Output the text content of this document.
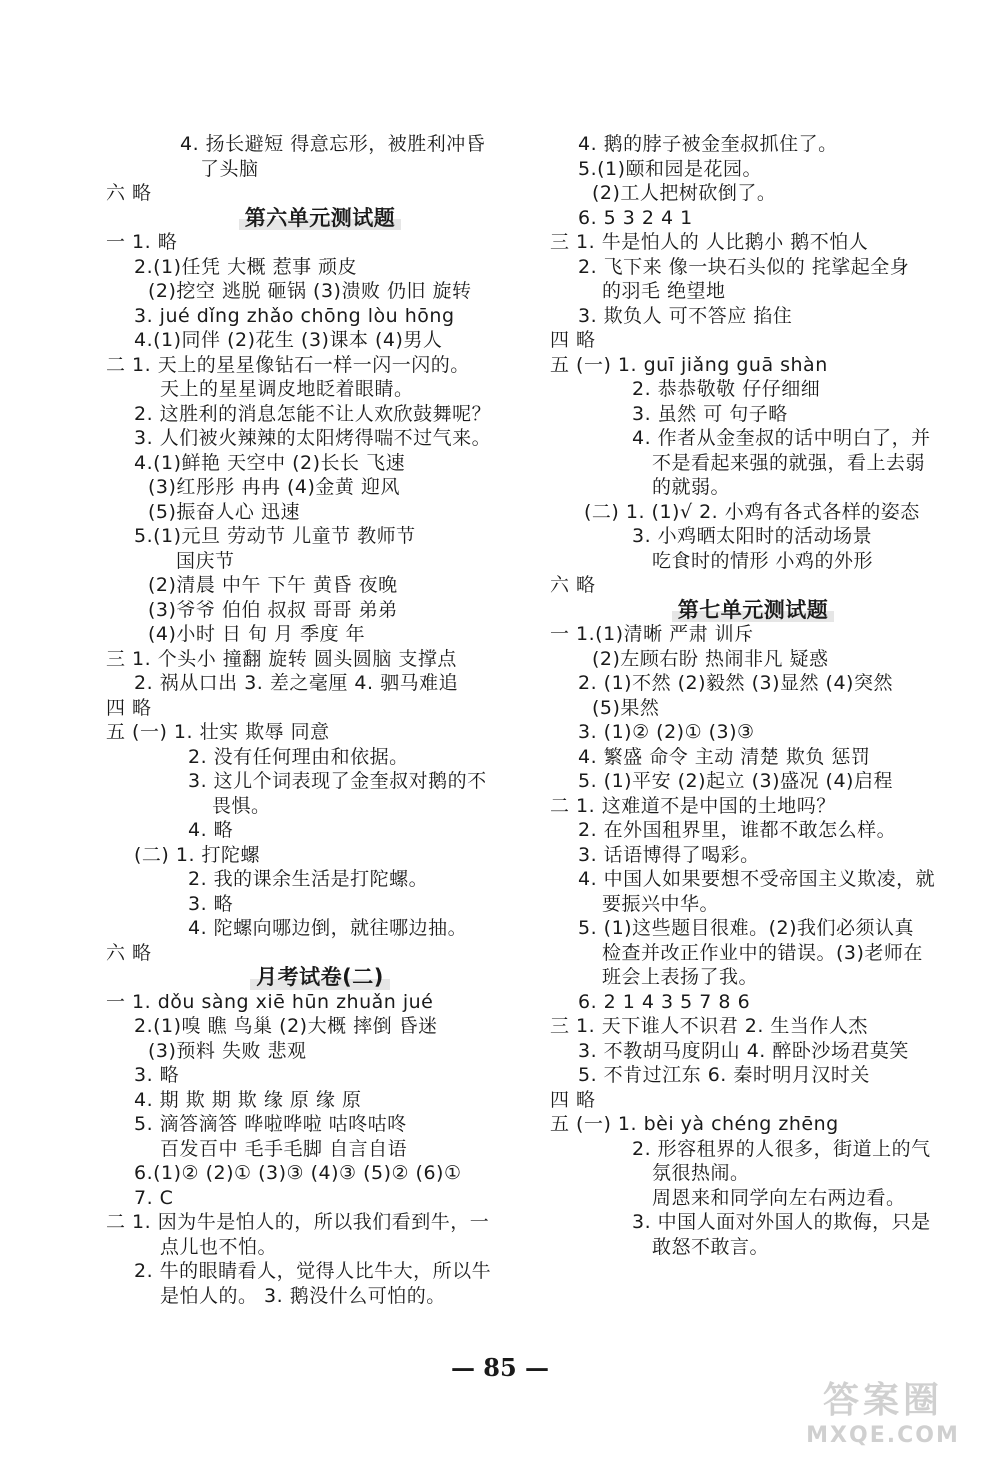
4. 扬长避短 得意忘形，被胜利冲昏
了头脑
六 略
第六单元测试题
一 1. 略
2.(1)任凭 大概 惹事 顽皮
(2)挖空 逃脱 砸锅 (3)溃败 仍旧 旋转
3. jué dǐng zhǎo chōng lòu hōng
4.(1)同伴 (2)花生 (3)课本 (4)男人
二 1. 天上的星星像钻石一样一闪一闪的。
天上的星星调皮地眨着眼睛。
2. 这胜利的消息怎能不让人欢欣鼓舞呢？
3. 人们被火辣辣的太阳烤得喘不过气来。
4.(1)鲜艳 天空中 (2)长长 飞速
(3)红彤彤 冉冉 (4)金黄 迎风
(5)振奋人心 迅速
5.(1)元旦 劳动节 儿童节 教师节
国庆节
(2)清晨 中午 下午 黄昏 夜晚
(3)爷爷 伯伯 叔叔 哥哥 弟弟
(4)小时 日 旬 月 季度 年
三 1. 个头小 撞翻 旋转 圆头圆脑 支撑点
2. 祸从口出 3. 差之毫厘 4. 驷马难追
四 略
五 (一) 1. 壮实 欺辱 同意
2. 没有任何理由和依据。
3. 这儿个词表现了金奎叔对鹅的不
畏惧。
4. 略
(二) 1. 打陀螺
2. 我的课余生活是打陀螺。
3. 略
4. 陀螺向哪边倒，就往哪边抽。
六 略
月考试卷(二)
一 1. dǒu sàng xiē hūn zhuǎn jué
2.(1)嗅 瞧 鸟巢 (2)大概 摔倒 昏迷
(3)预料 失败 悲观
3. 略
4. 期 欺 期 欺 缘 原 缘 原
5. 滴答滴答 哗啦哗啦 咕咚咕咚
百发百中 毛手毛脚 自言自语
6.(1)② (2)① (3)③ (4)③ (5)② (6)①
7. C
二 1. 因为牛是怕人的，所以我们看到牛，一
点儿也不怕。
2. 牛的眼睛看人，觉得人比牛大，所以牛
是怕人的。 3. 鹅没什么可怕的。
4. 鹅的脖子被金奎叔抓住了。
5.(1)颐和园是花园。
(2)工人把树砍倒了。
6. 5 3 2 4 1
三 1. 牛是怕人的 人比鹅小 鹅不怕人
2. 飞下来 像一块石头似的 挓挲起全身
的羽毛 绝望地
3. 欺负人 可不答应 掐住
四 略
五 (一) 1. guī jiǎng guā shàn
2. 恭恭敬敬 仔仔细细
3. 虽然 可 句子略
4. 作者从金奎叔的话中明白了，并
不是看起来强的就强，看上去弱
的就弱。
(二) 1. (1)√ 2. 小鸡有各式各样的姿态
3. 小鸡晒太阳时的活动场景
吃食时的情形 小鸡的外形
六 略
第七单元测试题
一 1.(1)清晰 严肃 训斥
(2)左顾右盼 热闹非凡 疑惑
2. (1)不然 (2)毅然 (3)显然 (4)突然
(5)果然
3. (1)② (2)① (3)③
4. 繁盛 命令 主动 清楚 欺负 惩罚
5. (1)平安 (2)起立 (3)盛况 (4)启程
二 1. 这难道不是中国的土地吗？
2. 在外国租界里，谁都不敢怎么样。
3. 话语博得了喝彩。
4. 中国人如果要想不受帝国主义欺凌，就
要振兴中华。
5. (1)这些题目很难。(2)我们必须认真
检查并改正作业中的错误。(3)老师在
班会上表扬了我。
6. 2 1 4 3 5 7 8 6
三 1. 天下谁人不识君 2. 生当作人杰
3. 不教胡马度阴山 4. 醉卧沙场君莫笑
5. 不肯过江东 6. 秦时明月汉时关
四 略
五 (一) 1. bèi yà chéng zhēng
2. 形容租界的人很多，街道上的气
氛很热闹。
周恩来和同学向左右两边看。
3. 中国人面对外国人的欺侮，只是
敢怒不敢言。
— 85 —
答案圈
MXQE.COM
